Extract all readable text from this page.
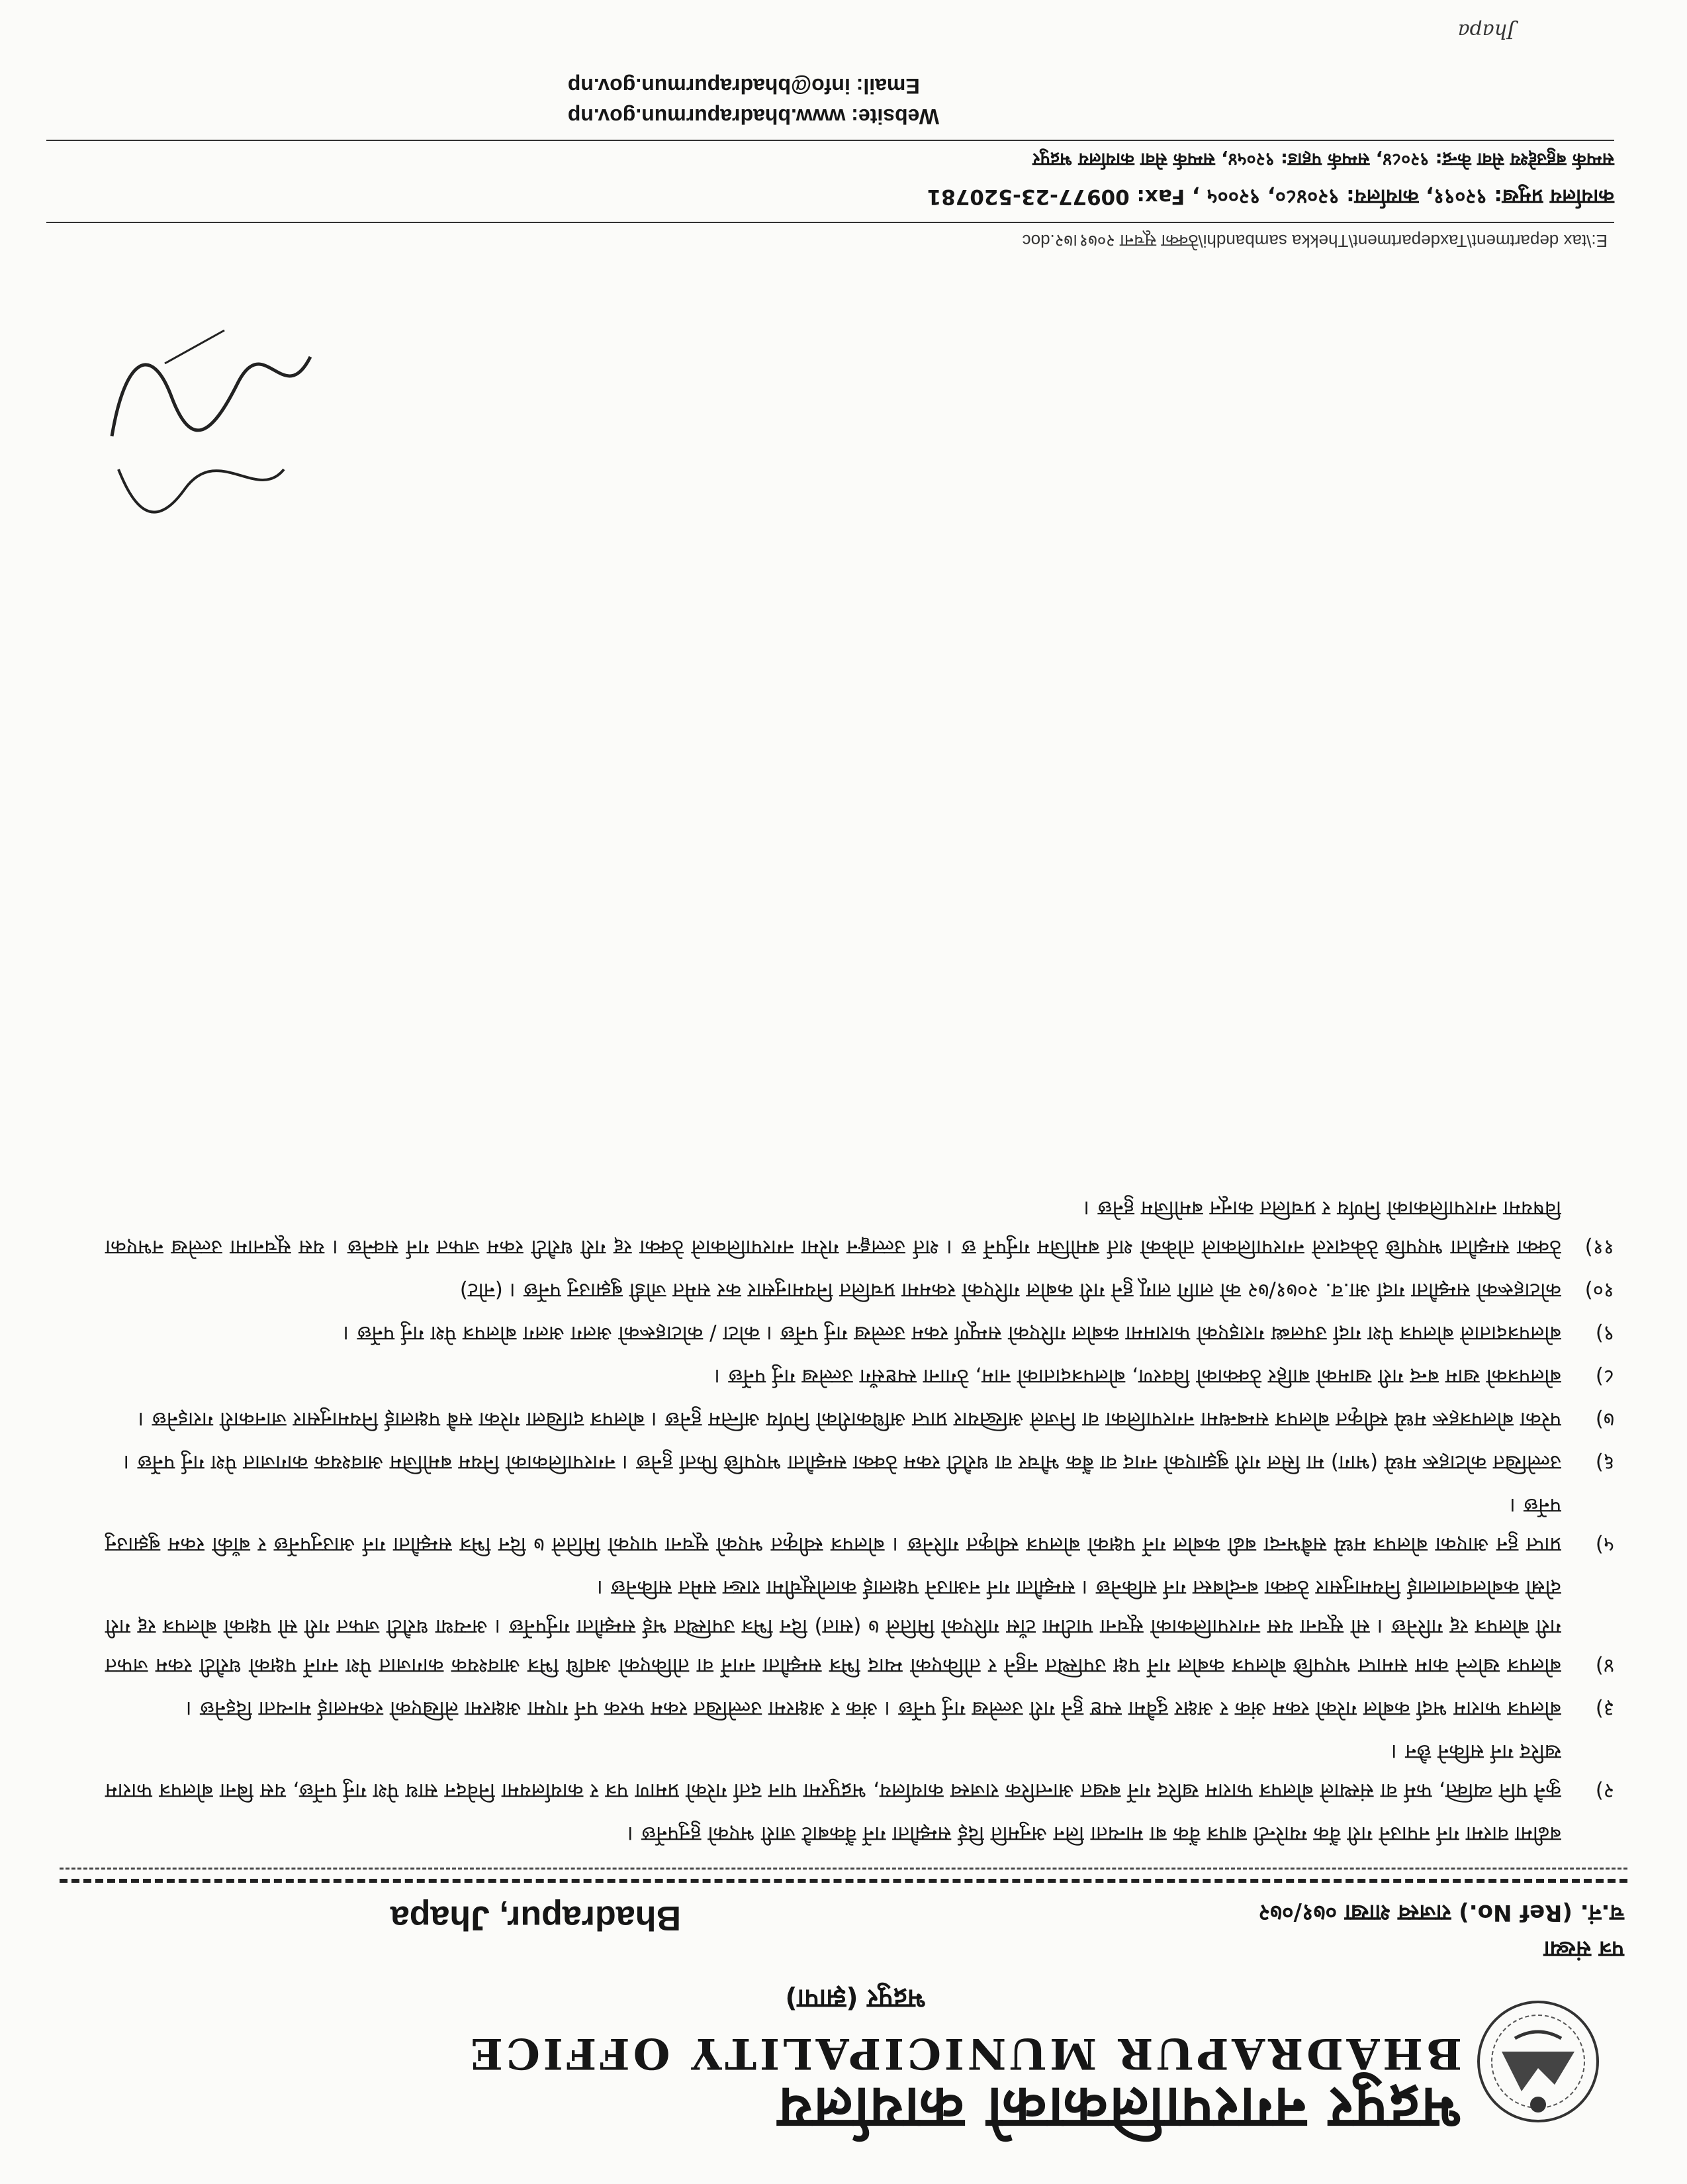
भद्रपुर नगरपालिकाको कार्यालय
BHADRAPUR MUNICIPALITY OFFICE
भद्रपुर (झापा)
पत्र संख्या
च.नं. (Ref No.) राजस्व शाखा ०७१/०७२
Bhadrapur, Jhapa
बढीमा वारमा गर्न नपाउने गरी वैंक ग्यारेन्टी बापत्र वैंक बा मान्यता लिन अनुमति दिई सम्झौता गर्ने वैंकबाटै जारी भएको हुनुपर्नेछ ।
२)
कुनै पनि व्यक्ति, फर्म वा संस्थाले बोलपत्र फाराम खरिद गर्ने बखत आन्तरिक राजस्व कार्यालय, भद्रपुरमा पान दर्ता गरेको प्रमाण पत्र र कार्यालयमा निवेदन साथ पेश गर्नु पर्नेछ, यस बिना बोलपत्र फाराम खरिद गर्न सकिने छैन ।
३)
बोलपत्र फाराम भर्दा कबोल गरेको रकम अंक र अक्षर दुवैमा स्पष्ट हुने गरी उल्लेख गर्नु पर्नेछ । अंक र अक्षरमा उल्लेखित रकम फरक पर्न गएमा अक्षरमा लेखिएको रकमलाई मान्यता दिइनेछ ।
४)
बोलपत्र खोल्ने काम समाप्त भएपछि बोलपत्र कबोल गर्ने पक्ष उपस्थित नहुने र तोकिएको म्याद भित्र सम्झौता नगर्ने वा तोकिएको अवधि भित्र आवश्यक कागजात पेश नगर्ने पक्षको धरौटी रकम जफत गरी बोलपत्र रद्द गरिनेछ । सो सूचना यस नगरपालिकाको सूचना पाटीमा टाँस गरिएको मितिले ७ (सात) दिन भित्र उपस्थित भई सम्झौता गर्नुपर्नेछ । अन्यथा धरौटी जफत गरी सो पक्षको बोलपत्र रद्द गरी दोस्रो कबोलवालालाई नियमानुसार ठेक्का बन्दोबस्त गर्न सकिनेछ । सम्झौता गर्न नआउने पक्षलाई कालोसूचीमा राख्न समेत सकिनेछ ।
५)
प्राप्त हुन आएका बोलपत्र मध्ये सबैभन्दा बढी कबोल गर्ने पक्षको बोलपत्र स्वीकृत गरिनेछ । बोलपत्र स्वीकृत भएको सूचना पाएको मितिले ७ दिन भित्र सम्झौता गर्न आउनुपर्नेछ र बाँकी रकम बुझाउनु पर्नेछ ।
६)
उल्लेखित कोटाहरू मध्ये (भाग) मा सिल गरी बुझाएको नगद वा बैंक भौचर वा धरौटी रकम ठेक्का सम्झौता भएपछि फिर्ता हुनेछ । नगरपालिकाको नियम बमोजिम आवश्यक कागजात पेश गर्नु पर्नेछ ।
७)
परेका बोलपत्रहरू मध्ये स्वीकृत बोलपत्र सम्बन्धमा नगरपालिका वा निजले अख्तियार प्राप्त अधिकारीको निर्णय अन्तिम हुनेछ । बोलपत्र दाखिला गरेका सबै पक्षलाई नियमानुसार जानकारी गराइनेछ ।
८)
बोलपत्रको खाम बन्द गरी खामको बाहिर ठेक्काको विवरण, बोलपत्रदाताको नाम, ठेगाना स्पष्टसँग उल्लेख गर्नु पर्नेछ ।
९)
बोलपत्रदाताले बोलपत्र पेश गर्दा उपलब्ध गराइएको फाराममा कबोल गरिएको सम्पूर्ण रकम उल्लेख गर्नु पर्नेछ । कोटा / कोटाहरूको अलग अलग बोलपत्र पेश गर्नु पर्नेछ ।
१०)
कोटाहरूको सम्झौता गर्दा आ.व. २०७१/७२ को लागि लागू हुने गरी कबोल गरिएको रकममा प्रचलित नियमानुसार कर समेत जोडी बुझाउनु पर्नेछ । (नोट)
११)
ठेक्का सम्झौता भएपछि ठेकेदारले नगरपालिकाले तोकेको शर्त बमोजिम गर्नुपर्ने छ । शर्त उल्लङ्घन गरेमा नगरपालिकाले ठेक्का रद्द गरी धरौटी रकम जफत गर्न सक्नेछ । यस सूचनामा उल्लेख नभएका विषयमा नगरपालिकाको निर्णय र प्रचलित कानून बमोजिम हुनेछ ।
E:\tax department\Taxdepartment\Thekka sambandhi\ठेक्का सूचना २०७१।७२.doc
कार्यालय प्रमुख: ९२०९१, कार्यालय: ९२०४८०, ९२००५ , Fax: 00977-23-520781
सम्पर्क बहुउद्देश्य सेवा केन्द्र: ९२०८४, सम्पर्क पहाड: ९२०५४, सम्पर्क सेवा कार्यालय भद्रपुर
Website: www.bhadrapurmun.gov.np
Email: info@bhadrapurmun.gov.np
Jhapa
